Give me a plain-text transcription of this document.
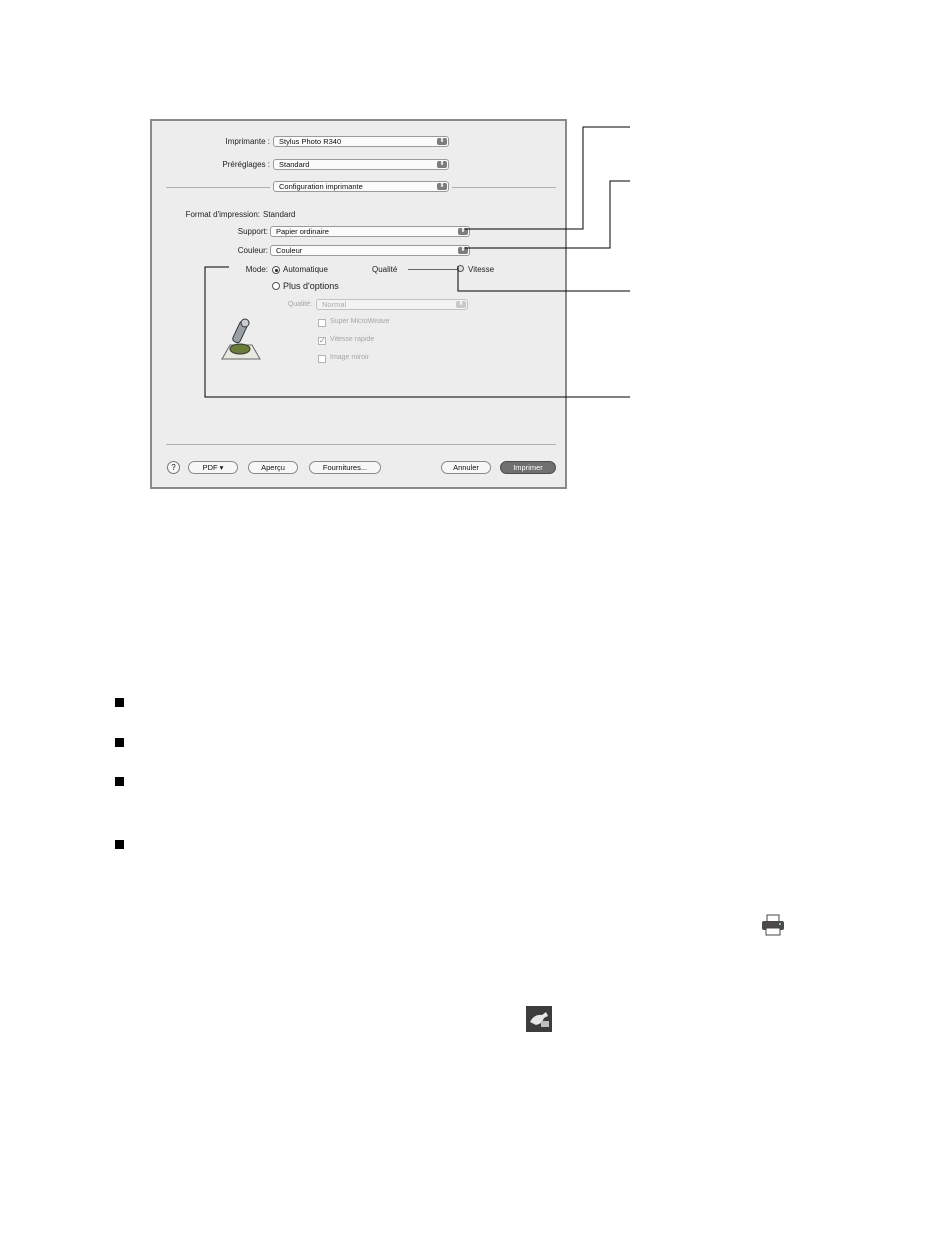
Imprimante :	Stylus Photo R340	⬍
Préréglages :	Standard	⬍
Configuration imprimante	⬍
Format d'impression: Standard
Support:	Papier ordinaire	⬍
Couleur:	Couleur	⬍
Mode: Automatique	Qualité	Vitesse
Plus d'options
Qualité:	Normal	⬍
Super MicroWeave
✓ Vitesse rapide
Image miroir
?	PDF ▾	Aperçu	Fournitures...	Annuler	Imprimer
